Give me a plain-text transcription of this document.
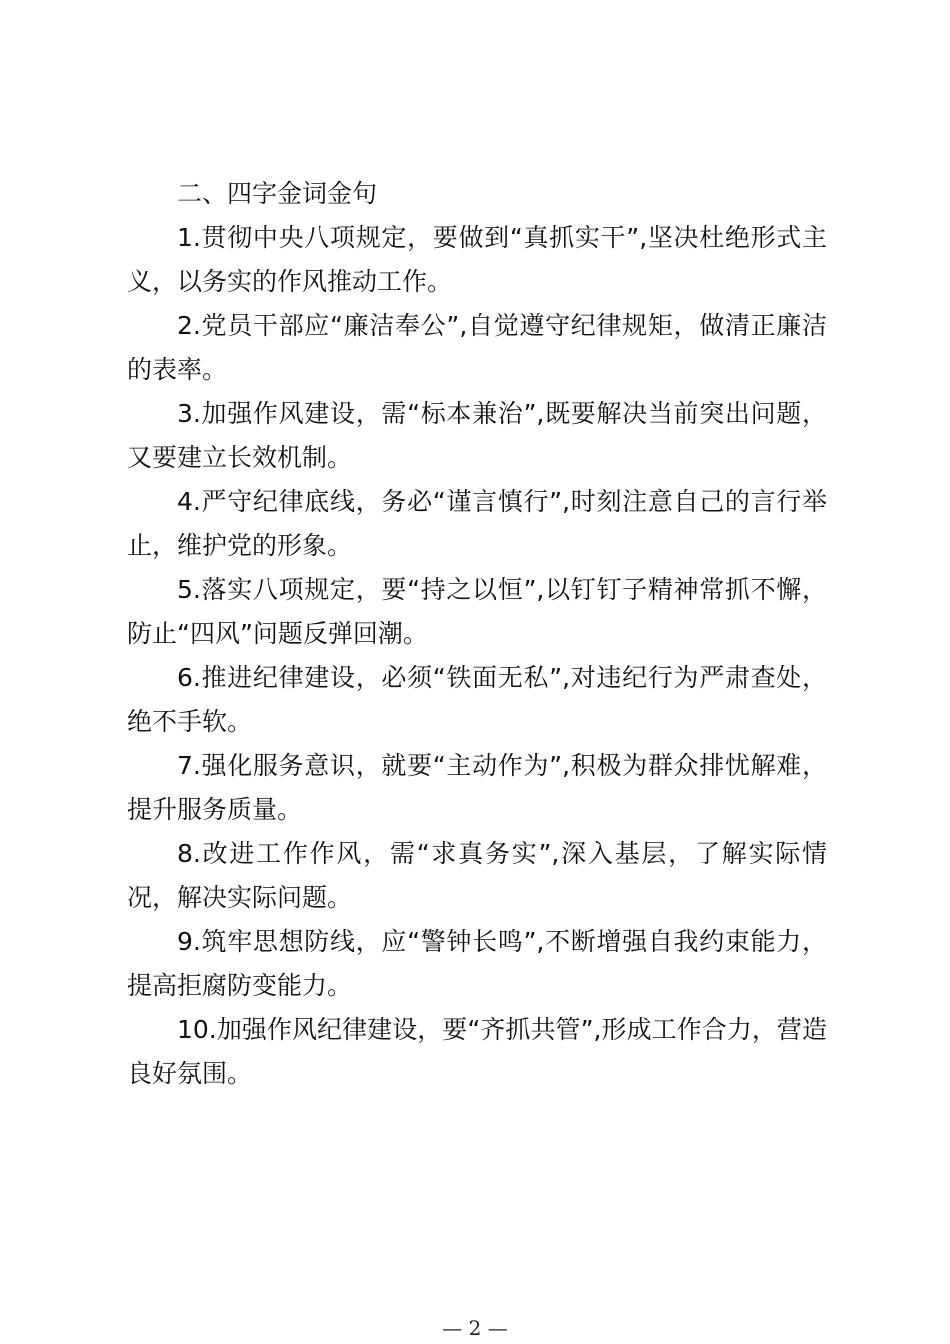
二、四字金词金句

1.贯彻中央八项规定，要做到“真抓实干”,坚决杜绝形式主义，以务实的作风推动工作。

2.党员干部应“廉洁奉公”,自觉遵守纪律规矩，做清正廉洁的表率。

3.加强作风建设，需“标本兼治”,既要解决当前突出问题，又要建立长效机制。

4.严守纪律底线，务必“谨言慎行”,时刻注意自己的言行举止，维护党的形象。

5.落实八项规定，要“持之以恒”,以钉钉子精神常抓不懈，防止“四风”问题反弹回潮。

6.推进纪律建设，必须“铁面无私”,对违纪行为严肃查处，绝不手软。

7.强化服务意识，就要“主动作为”,积极为群众排忧解难，提升服务质量。

8.改进工作作风，需“求真务实”,深入基层，了解实际情况，解决实际问题。

9.筑牢思想防线，应“警钟长鸣”,不断增强自我约束能力，提高拒腐防变能力。

10.加强作风纪律建设，要“齐抓共管”,形成工作合力，营造良好氛围。

— 2 —
